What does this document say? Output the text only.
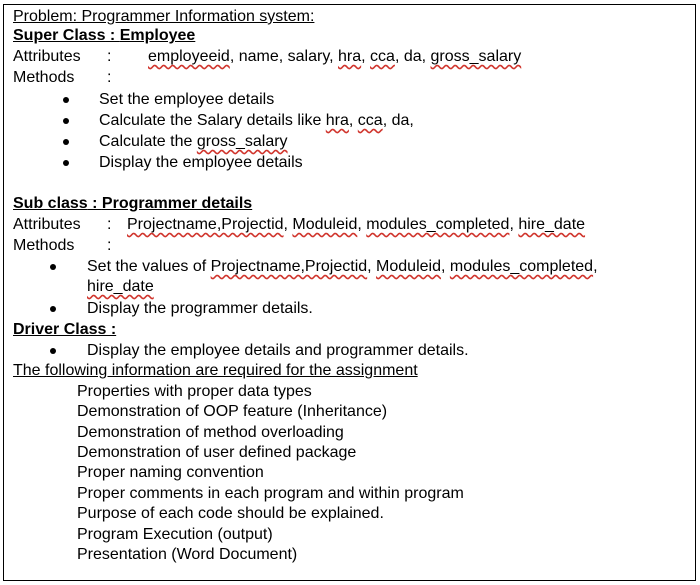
Problem: Programmer Information system:
Super Class : Employee
Attributes : employeeid, name, salary, hra, cca, da, gross_salary
Methods :
Set the employee details
Calculate the Salary details like hra, cca, da,
Calculate the gross_salary
Display the employee details
Sub class : Programmer details
Attributes : Projectname,Projectid, Moduleid, modules_completed, hire_date
Methods :
Set the values of Projectname,Projectid, Moduleid, modules_completed,
hire_date
Display the programmer details.
Driver Class :
Display the employee details and programmer details.
The following information are required for the assignment
Properties with proper data types
Demonstration of OOP feature (Inheritance)
Demonstration of method overloading
Demonstration of user defined package
Proper naming convention
Proper comments in each program and within program
Purpose of each code should be explained.
Program Execution (output)
Presentation (Word Document)
